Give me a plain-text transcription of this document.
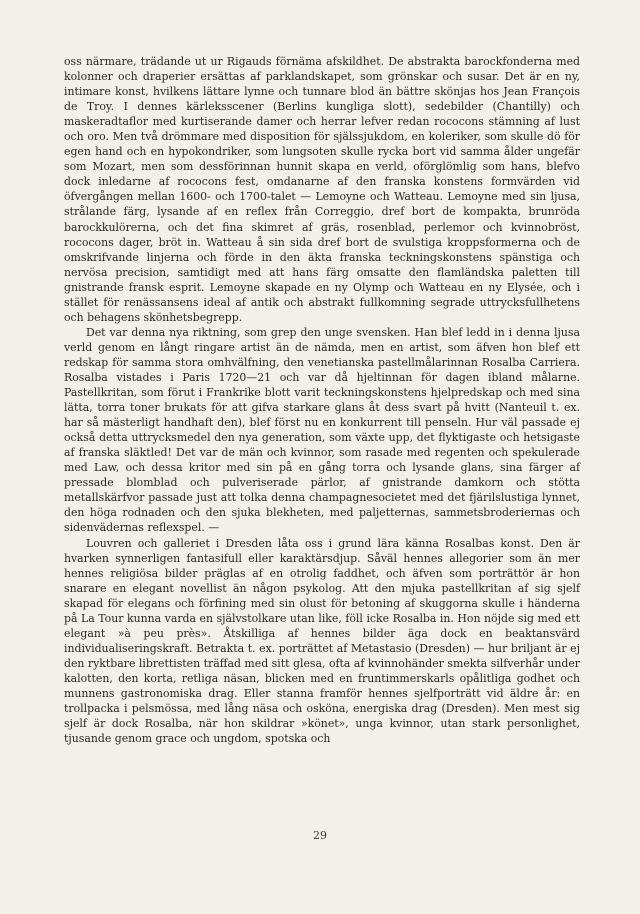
oss närmare, trädande ut ur Rigauds förnäma afskildhet. De abstrakta barockfonderna med kolonner och draperier ersättas af parklandskapet, som grönskar och susar. Det är en ny, intimare konst, hvilkens lättare lynne och tunnare blod än bättre skönjas hos Jean François de Troy. I dennes kärleksscener (Berlins kungliga slott), sedebilder (Chantilly) och maskeradtaflor med kurtiserande damer och herrar lefver redan rococons stämning af lust och oro. Men två drömmare med disposition för själssjukdom, en koleriker, som skulle dö för egen hand och en hypokondriker, som lungsoten skulle rycka bort vid samma ålder ungefär som Mozart, men som dessförinnan hunnit skapa en verld, oförglömlig som hans, blefvo dock inledarne af rococons fest, omdanarne af den franska konstens formvärden vid öfvergången mellan 1600- och 1700-talet — Lemoyne och Watteau. Lemoyne med sin ljusa, strålande färg, lysande af en reflex från Correggio, dref bort de kompakta, brunröda barockkulörerna, och det fina skimret af gräs, rosenblad, perlemor och kvinnobröst, rococons dager, bröt in. Watteau å sin sida dref bort de svulstiga kroppsformerna och de omskrifvande linjerna och förde in den äkta franska teckningskonstens spänstiga och nervösa precision, samtidigt med att hans färg omsatte den flamländska paletten till gnistrande fransk esprit. Lemoyne skapade en ny Olymp och Watteau en ny Elysée, och i stället för renässansens ideal af antik och abstrakt fullkomning segrade uttrycksfullhetens och behagens skönhetsbegrepp.

Det var denna nya riktning, som grep den unge svensken. Han blef ledd in i denna ljusa verld genom en långt ringare artist än de nämda, men en artist, som äfven hon blef ett redskap för samma stora omhvälfning, den venetianska pastellmålarinnan Rosalba Carriera. Rosalba vistades i Paris 1720—21 och var då hjeltinnan för dagen ibland målarne. Pastellkritan, som förut i Frankrike blott varit teckningskonstens hjelpredskap och med sina lätta, torra toner brukats för att gifva starkare glans åt dess svart på hvitt (Nanteuil t. ex. har så mästerligt handhaft den), blef först nu en konkurrent till penseln. Hur väl passade ej också detta uttrycksmedel den nya generation, som växte upp, det flyktigaste och hetsigaste af franska släktled! Det var de män och kvinnor, som rasade med regenten och spekulerade med Law, och dessa kritor med sin på en gång torra och lysande glans, sina färger af pressade blomblad och pulveriserade pärlor, af gnistrande damkorn och stötta metallskärfvor passade just att tolka denna champagnesocietet med det fjärilslustiga lynnet, den höga rodnaden och den sjuka blekheten, med paljetternas, sammetsbroderiernas och sidenvädernas reflexspel. —

Louvren och galleriet i Dresden låta oss i grund lära känna Rosalbas konst. Den är hvarken synnerligen fantasifull eller karaktärsdjup. Såväl hennes allegorier som än mer hennes religiösa bilder präglas af en otrolig faddhet, och äfven som porträttör är hon snarare en elegant novellist än någon psykolog. Att den mjuka pastellkritan af sig sjelf skapad för elegans och förfining med sin olust för betoning af skuggorna skulle i händerna på La Tour kunna varda en självstolkare utan like, föll icke Rosalba in. Hon nöjde sig med ett elegant »à peu près». Åtskilliga af hennes bilder äga dock en beaktansvärd individualiseringskraft. Betrakta t. ex. porträttet af Metastasio (Dresden) — hur briljant är ej den ryktbare librettisten träffad med sitt glesa, ofta af kvinnohänder smekta silfverhår under kalotten, den korta, retliga näsan, blicken med en fruntimmerskarls opålitliga godhet och munnens gastronomiska drag. Eller stanna framför hennes sjelfporträtt vid äldre år: en trollpacka i pelsmössa, med lång näsa och osköna, energiska drag (Dresden). Men mest sig sjelf är dock Rosalba, när hon skildrar »könet», unga kvinnor, utan stark personlighet, tjusande genom grace och ungdom, spotska och

29
